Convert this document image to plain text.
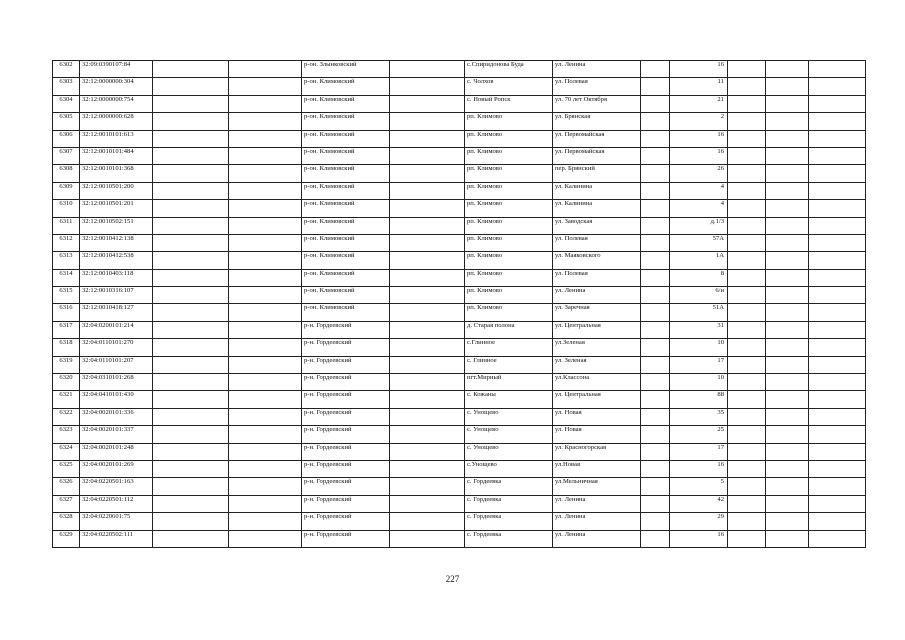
6302	32:09:0390107:84			р-он. Злынковский		с.Спиридонова Буда	ул. Ленина		16			
6303	32:12:0000000:304			р-он. Климовский		с. Чолхов	ул. Полевая		11			
6304	32:12:0000000:754			р-он. Климовский		с. Новый Ропск	ул. 70 лет Октября		21			
6305	32:12:0000000:628			р-он. Климовский		рп. Климово	ул. Брянская		2			
6306	32:12:0010101:613			р-он. Климовский		рп. Климово	ул. Первомайская		16			
6307	32:12:0010101:484			р-он. Климовский		рп. Климово	ул. Первомайская		16			
6308	32:12:0010101:368			р-он. Климовский		рп. Климово	пер. Брянский		26			
6309	32:12:0010501:200			р-он. Климовский		рп. Климово	ул. Калинина		4			
6310	32:12:0010501:201			р-он. Климовский		рп. Климово	ул. Калинина		4			
6311	32:12:0010502:151			р-он. Климовский		рп. Климово	ул. Заводская		д.1/3			
6312	32:12:0010412:138			р-он. Климовский		рп. Климово	ул. Полевая		57А			
6313	32:12:0010412:538			р-он. Климовский		рп. Климово	ул. Маяковского		1А			
6314	32:12:0010403:118			р-он. Климовский		рп. Климово	ул. Полевая		8			
6315	32:12:0010316:107			р-он. Климовский		рп. Климово	ул. Ленина		6/и			
6316	32:12:0010418:127			р-он. Климовский		рп. Климово	ул. Заречная		51А			
6317	32:04:0200101:214			р-н. Гордеевский		д. Старая полона	ул. Центральная		31			
6318	32:04:0110101:270			р-н. Гордеевский		с.Глинное	ул.Зеленая		10			
6319	32:04:0110101:207			р-н. Гордеевский		с. Глинное	ул. Зеленая		17			
6320	32:04:0310101:268			р-н. Гордеевский		пгт.Мирный	ул.Классона		10			
6321	32:04:0410101:430			р-н. Гордеевский		с. Кожаны	ул. Центральная		88			
6322	32:04:0020101:336			р-н. Гордеевский		с. Унощево	ул. Новая		35			
6323	32:04:0020101:337			р-н. Гордеевский		с. Унощево	ул. Новая		25			
6324	32:04:0020101:248			р-н. Гордеевский		с. Унощево	ул. Красногорская		17			
6325	32:04:0020101:269			р-н. Гордеевский		с.Унощево	ул.Новая		16			
6326	32:04:0220501:163			р-н. Гордеевский		с. Гордеевка	ул.Мельничная		5			
6327	32:04:0220501:112			р-н. Гордеевский		с. Гордеевка	ул. Ленина		42			
6328	32:04:0220601:75			р-н. Гордеевский		с. Гордеевка	ул. Ленина		29			
6329	32:04:0220502:111			р-н. Гордеевский		с. Гордеевка	ул. Ленина		16			
227
